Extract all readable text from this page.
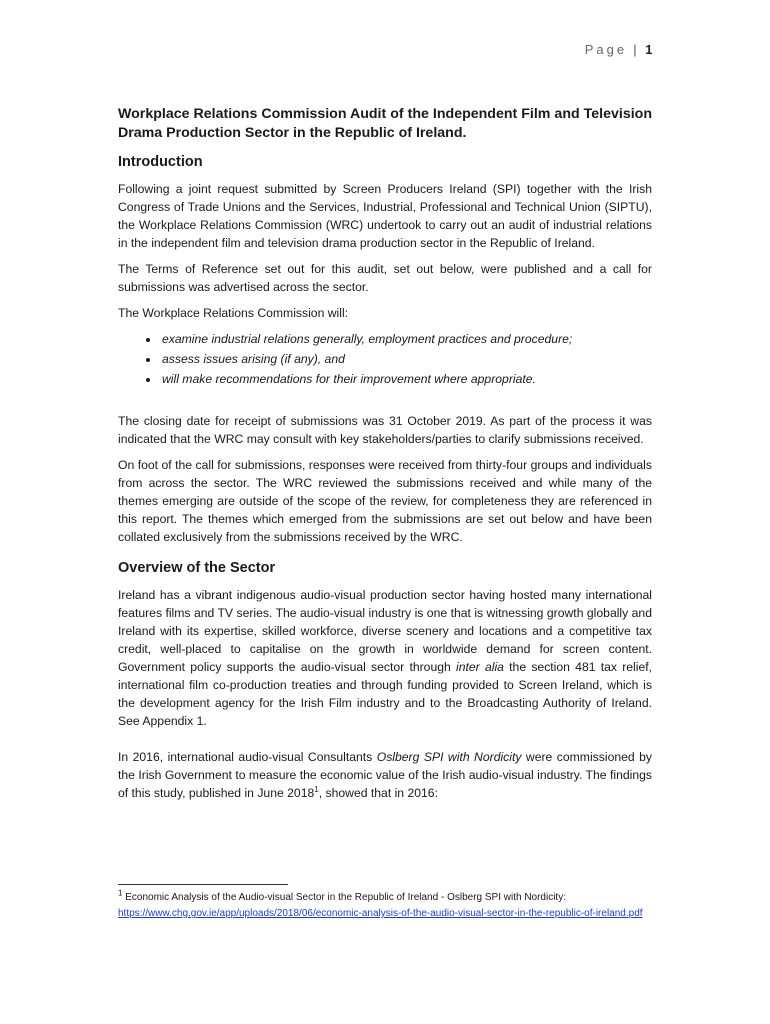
Page | 1
Workplace Relations Commission Audit of the Independent Film and Television Drama Production Sector in the Republic of Ireland.
Introduction

Following a joint request submitted by Screen Producers Ireland (SPI) together with the Irish Congress of Trade Unions and the Services, Industrial, Professional and Technical Union (SIPTU), the Workplace Relations Commission (WRC) undertook to carry out an audit of industrial relations in the independent film and television drama production sector in the Republic of Ireland.

The Terms of Reference set out for this audit, set out below, were published and a call for submissions was advertised across the sector.

The Workplace Relations Commission will:

• examine industrial relations generally, employment practices and procedure;
• assess issues arising (if any), and
• will make recommendations for their improvement where appropriate.

The closing date for receipt of submissions was 31 October 2019. As part of the process it was indicated that the WRC may consult with key stakeholders/parties to clarify submissions received.

On foot of the call for submissions, responses were received from thirty-four groups and individuals from across the sector. The WRC reviewed the submissions received and while many of the themes emerging are outside of the scope of the review, for completeness they are referenced in this report. The themes which emerged from the submissions are set out below and have been collated exclusively from the submissions received by the WRC.

Overview of the Sector

Ireland has a vibrant indigenous audio-visual production sector having hosted many international features films and TV series. The audio-visual industry is one that is witnessing growth globally and Ireland with its expertise, skilled workforce, diverse scenery and locations and a competitive tax credit, well-placed to capitalise on the growth in worldwide demand for screen content. Government policy supports the audio-visual sector through inter alia the section 481 tax relief, international film co-production treaties and through funding provided to Screen Ireland, which is the development agency for the Irish Film industry and to the Broadcasting Authority of Ireland. See Appendix 1.

In 2016, international audio-visual Consultants Oslberg SPI with Nordicity were commissioned by the Irish Government to measure the economic value of the Irish audio-visual industry. The findings of this study, published in June 2018$^1$, showed that in 2016:

$^1$ Economic Analysis of the Audio-visual Sector in the Republic of Ireland - Oslberg SPI with Nordicity:
https://www.chg.gov.ie/app/uploads/2018/06/economic-analysis-of-the-audio-visual-sector-in-the-republic-of-ireland.pdf
